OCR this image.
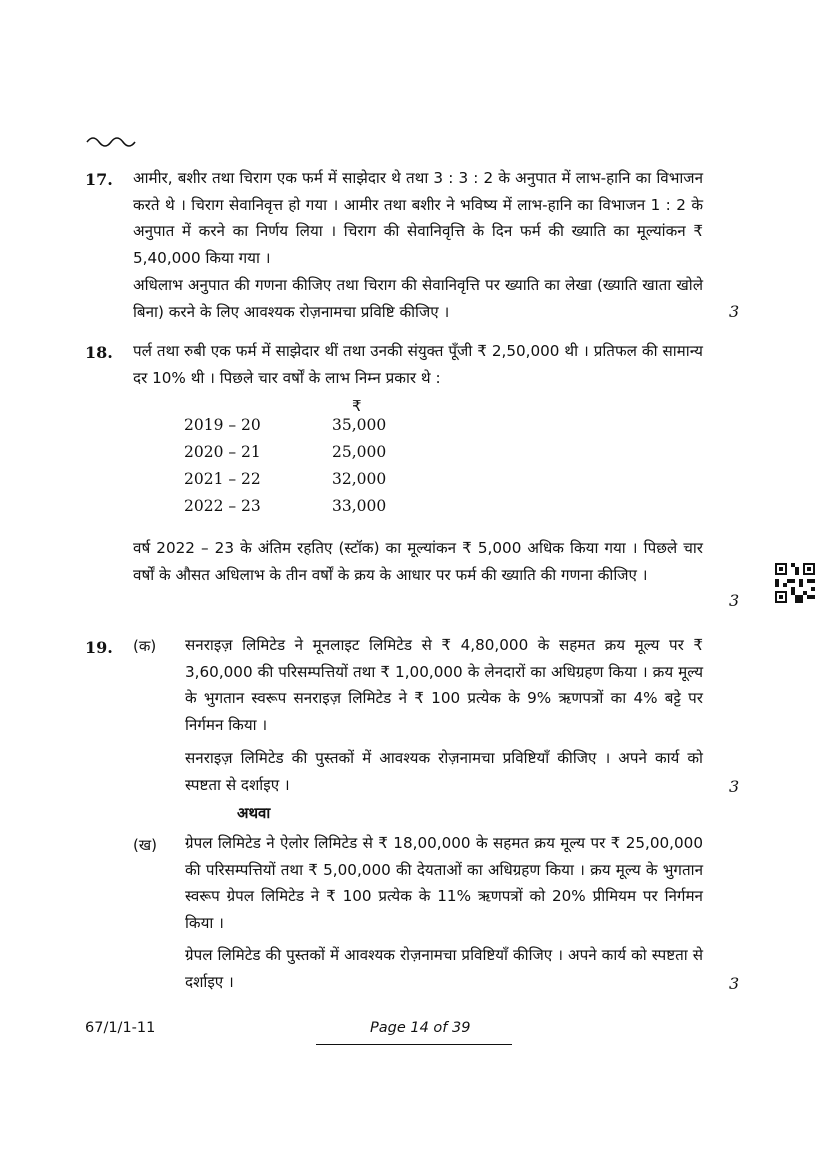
17. आमीर, बशीर तथा चिराग एक फर्म में साझेदार थे तथा 3 : 3 : 2 के अनुपात में लाभ-हानि का विभाजन करते थे । चिराग सेवानिवृत्त हो गया । आमीर तथा बशीर ने भविष्य में लाभ-हानि का विभाजन 1 : 2 के अनुपात में करने का निर्णय लिया । चिराग की सेवानिवृत्ति के दिन फर्म की ख्याति का मूल्यांकन ₹ 5,40,000 किया गया ।
अधिलाभ अनुपात की गणना कीजिए तथा चिराग की सेवानिवृत्ति पर ख्याति का लेखा (ख्याति खाता खोले बिना) करने के लिए आवश्यक रोज़नामचा प्रविष्टि कीजिए ।	3
18. पर्ल तथा रुबी एक फर्म में साझेदार थीं तथा उनकी संयुक्त पूँजी ₹ 2,50,000 थी । प्रतिफल की सामान्य दर 10% थी । पिछले चार वर्षों के लाभ निम्न प्रकार थे :
₹
2019 – 20	35,000
2020 – 21	25,000
2021 – 22	32,000
2022 – 23	33,000
वर्ष 2022 – 23 के अंतिम रहतिए (स्टॉक) का मूल्यांकन ₹ 5,000 अधिक किया गया । पिछले चार वर्षों के औसत अधिलाभ के तीन वर्षों के क्रय के आधार पर फर्म की ख्याति की गणना कीजिए ।
3
19. (क) सनराइज़ लिमिटेड ने मूनलाइट लिमिटेड से ₹ 4,80,000 के सहमत क्रय मूल्य पर ₹ 3,60,000 की परिसम्पत्तियों तथा ₹ 1,00,000 के लेनदारों का अधिग्रहण किया । क्रय मूल्य के भुगतान स्वरूप सनराइज़ लिमिटेड ने ₹ 100 प्रत्येक के 9% ऋणपत्रों का 4% बट्टे पर निर्गमन किया ।
सनराइज़ लिमिटेड की पुस्तकों में आवश्यक रोज़नामचा प्रविष्टियाँ कीजिए । अपने कार्य को स्पष्टता से दर्शाइए ।	3
अथवा
(ख) ग्रेपल लिमिटेड ने ऐलोर लिमिटेड से ₹ 18,00,000 के सहमत क्रय मूल्य पर ₹ 25,00,000 की परिसम्पत्तियों तथा ₹ 5,00,000 की देयताओं का अधिग्रहण किया । क्रय मूल्य के भुगतान स्वरूप ग्रेपल लिमिटेड ने ₹ 100 प्रत्येक के 11% ऋणपत्रों को 20% प्रीमियम पर निर्गमन किया ।
ग्रेपल लिमिटेड की पुस्तकों में आवश्यक रोज़नामचा प्रविष्टियाँ कीजिए । अपने कार्य को स्पष्टता से दर्शाइए ।	3
67/1/1-11	Page 14 of 39
